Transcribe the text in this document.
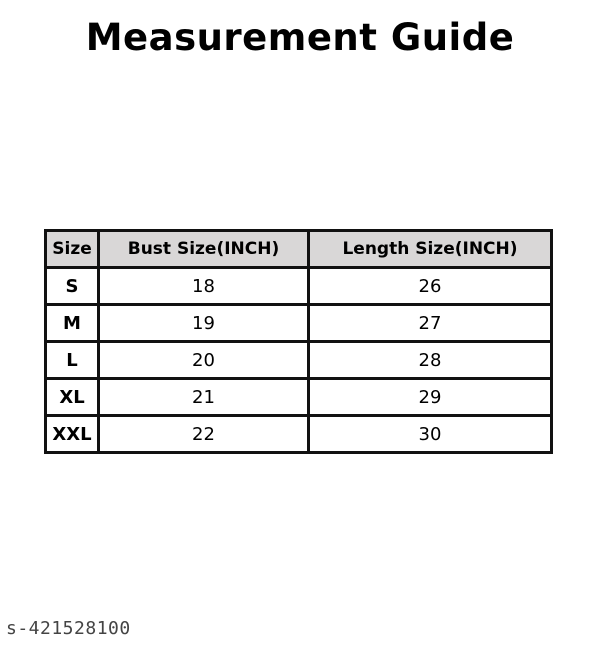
Measurement Guide
Size	Bust Size(INCH)	Length Size(INCH)
S	18	26
M	19	27
L	20	28
XL	21	29
XXL	22	30
s-421528100
